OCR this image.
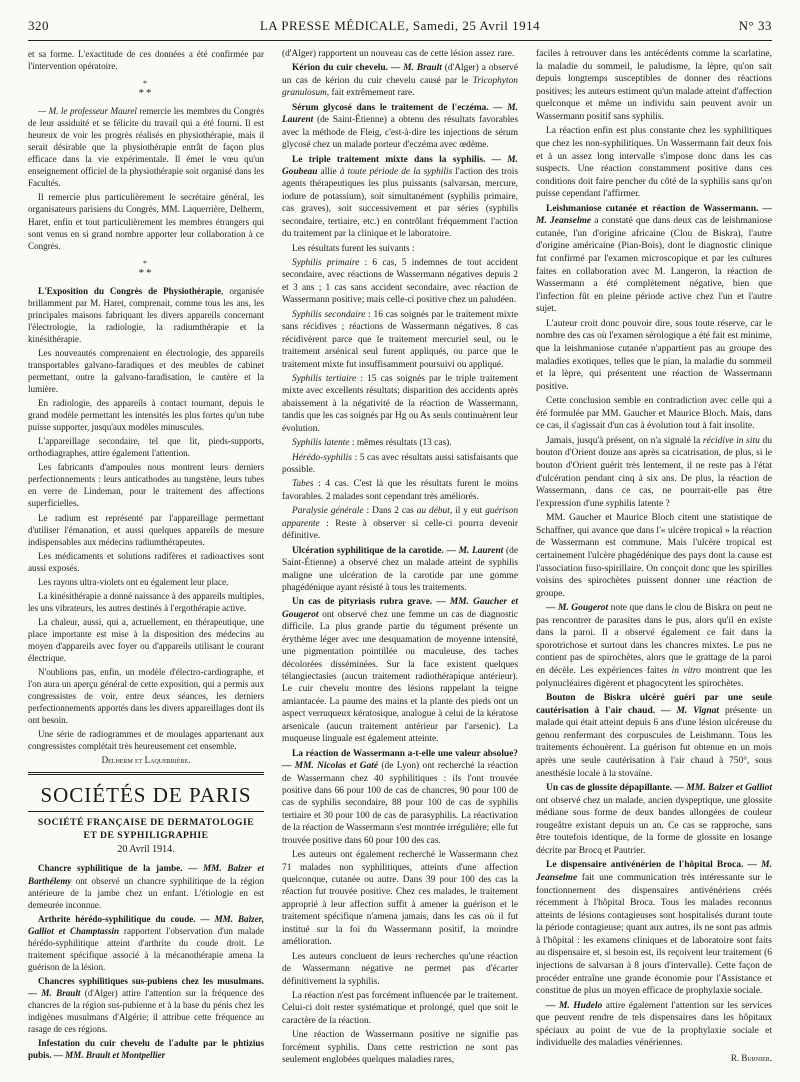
320	LA PRESSE MÉDICALE, Samedi, 25 Avril 1914	N° 33

et sa forme. L'exactitude de ces données a été confirmée par l'intervention opératoire.

*
**

— M. le professeur Maurel remercie les membres du Congrès de leur assiduité et se félicite du travail qui a été fourni. Il est heureux de voir les progrès réalisés en physiothérapie, mais il serait désirable que la physiothérapie entrât de façon plus efficace dans la vie expérimentale. Il émet le vœu qu'un enseignement officiel de la physiothérapie soit organisé dans les Facultés.

Il remercie plus particulièrement le secrétaire général, les organisateurs parisiens du Congrès, MM. Laquerrière, Delherm, Haret, enfin et tout particulièrement les membres étrangers qui sont venus en si grand nombre apporter leur collaboration à ce Congrès.

*
**

L'Exposition du Congrès de Physiothérapie, organisée brillamment par M. Haret, comprenait, comme tous les ans, les principales maisons fabriquant les divers appareils concernant l'électrologie, la radiologie, la radiumthérapie et la kinésithérapie.

Les nouveautés comprenaient en électrologie, des appareils transportables galvano-faradiques et des meubles de cabinet permettant, outre la galvano-faradisation, le cautère et la lumière.

En radiologie, des appareils à contact tournant, depuis le grand modèle permettant les intensités les plus fortes qu'un tube puisse supporter, jusqu'aux modèles minuscules.

L'appareillage secondaire, tel que lit, pieds-supports, orthodiagraphes, attire également l'attention.

Les fabricants d'ampoules nous montrent leurs derniers perfectionnements : leurs anticathodes au tungstène, leurs tubes en verre de Lindeman, pour le traitement des affections superficielles.

Le radium est représenté par l'appareillage permettant d'utiliser l'émanation, et aussi quelques appareils de mesure indispensables aux médecins radiumthérapeutes.

Les médicaments et solutions radifères et radioactives sont aussi exposés.

Les rayons ultra-violets ont eu également leur place.

La kinésithérapie a donné naissance à des appareils multiples, les uns vibrateurs, les autres destinés à l'ergothérapie active.

La chaleur, aussi, qui a, actuellement, en thérapeutique, une place importante est mise à la disposition des médecins au moyen d'appareils avec foyer ou d'appareils utilisant le courant électrique.

N'oublions pas, enfin, un modèle d'électro-cardiographe, et l'on aura un aperçu général de cette exposition, qui a permis aux congressistes de voir, entre deux séances, les derniers perfectionnements apportés dans les divers appareillages dont ils ont besoin.

Une série de radiogrammes et de moulages appartenant aux congressistes complétait très heureusement cet ensemble.

Delherm et Laquerrière.
SOCIÉTÉS DE PARIS
SOCIÉTÉ FRANÇAISE DE DERMATOLOGIE
ET DE SYPHILIGRAPHIE
20 Avril 1914.

Chancre syphilitique de la jambe. — MM. Balzer et Barthélemy ont observé un chancre syphilitique de la région antérieure de la jambe chez un enfant. L'étiologie en est demeurée inconnue.

Arthrite hérédo-syphilitique du coude. — MM. Balzer, Galliot et Champtassin rapportent l'observation d'un malade hérédo-syphilitique atteint d'arthrite du coude droit. Le traitement spécifique associé à la mécanothérapie amena la guérison de la lésion.

Chancres syphilitiques sus-pubiens chez les musulmans. — M. Brault (d'Alger) attire l'attention sur la fréquence des chancres de la région sus-pubienne et à la base du pénis chez les indigènes musulmans d'Algérie; il attribue cette fréquence au rasage de ces régions.

Infestation du cuir chevelu de l'adulte par le phtizius pubis. — MM. Brault et Montpellier

(d'Alger) rapportent un nouveau cas de cette lésion assez rare.

Kérion du cuir chevelu. — M. Brault (d'Alger) a observé un cas de kérion du cuir chevelu causé par le Tricophyton granulosum, fait extrêmement rare.

Sérum glycosé dans le traitement de l'eczéma. — M. Laurent (de Saint-Étienne) a obtenu des résultats favorables avec la méthode de Fleig, c'est-à-dire les injections de sérum glycosé chez un malade porteur d'eczéma avec œdème.

Le triple traitement mixte dans la syphilis. — M. Goubeau allie à toute période de la syphilis l'action des trois agents thérapeutiques les plus puissants (salvarsan, mercure, iodure de potassium), soit simultanément (syphilis primaire, cas graves), soit successivement et par séries (syphilis secondaire, tertiaire, etc.) en contrôlant fréquemment l'action du traitement par la clinique et le laboratoire.

Les résultats furent les suivants :

Syphilis primaire : 6 cas, 5 indemnes de tout accident secondaire, avec réactions de Wassermann négatives depuis 2 et 3 ans ; 1 cas sans accident secondaire, avec réaction de Wassermann positive; mais celle-ci positive chez un paludéen.

Syphilis secondaire : 16 cas soignés par le traitement mixte sans récidives ; réactions de Wassermann négatives. 8 cas récidivèrent parce que le traitement mercuriel seul, ou le traitement arsénical seul furent appliqués, ou parce que le traitement mixte fut insuffisamment poursuivi ou appliqué.

Syphilis tertiaire : 15 cas soignés par le triple traitement mixte avec excellents résultats; disparition des accidents après abaissement à la négativité de la réaction de Wassermann, tandis que les cas soignés par Hg ou As seuls continuèrent leur évolution.

Syphilis latente : mêmes résultats (13 cas).

Hérédo-syphilis : 5 cas avec résultats aussi satisfaisants que possible.

Tabes : 4 cas. C'est là que les résultats furent le moins favorables. 2 malades sont cependant très améliorés.

Paralysie générale : Dans 2 cas au début, il y eut guérison apparente : Reste à observer si celle-ci pourra devenir définitive.

Ulcération syphilitique de la carotide. — M. Laurent (de Saint-Étienne) a observé chez un malade atteint de syphilis maligne une ulcération de la carotide par une gomme phagédénique ayant résisté à tous les traitements.

Un cas de pityriasis rubra grave. — MM. Gaucher et Gougerot ont observé chez une femme un cas de diagnostic difficile. La plus grande partie du tégument présente un érythème léger avec une desquamation de moyenne intensité, une pigmentation pointillée ou maculeuse, des taches décolorées disséminées. Sur la face existent quelques télangiectasies (aucun traitement radiothérapique antérieur). Le cuir chevelu montre des lésions rappelant la teigne amiantacée. La paume des mains et la plante des pieds ont un aspect verruqueux kératosique, analogue à celui de la kératose arsenicale (aucun traitement antérieur par l'arsenic). La muqueuse linguale est également atteinte.

La réaction de Wassermann a-t-elle une valeur absolue? — MM. Nicolas et Gaté (de Lyon) ont recherché la réaction de Wassermann chez 40 syphilitiques : ils l'ont trouvée positive dans 66 pour 100 de cas de chancres, 90 pour 100 de cas de syphilis secondaire, 88 pour 100 de cas de syphilis tertiaire et 30 pour 100 de cas de parasyphilis. La réactivation de la réaction de Wassermann s'est montrée irrégulière; elle fut trouvée positive dans 60 pour 100 des cas.

Les auteurs ont également recherché le Wassermann chez 71 malades non syphilitiques, atteints d'une affection quelconque, cutanée ou autre. Dans 39 pour 100 des cas la réaction fut trouvée positive. Chez ces malades, le traitement approprié à leur affection suffit à amener la guérison et le traitement spécifique n'amena jamais, dans les cas où il fut institué sur la foi du Wassermann positif, la moindre amélioration.

Les auteurs concluent de leurs recherches qu'une réaction de Wassermann négative ne permet pas d'écarter définitivement la syphilis.

La réaction n'est pas forcément influencée par le traitement. Celui-ci doit rester systématique et prolongé, quel que soit le caractère de la réaction.

Une réaction de Wassermann positive ne signifie pas forcément syphilis. Dans cette restriction ne sont pas seulement englobées quelques maladies rares,

faciles à retrouver dans les antécédents comme la scarlatine, la maladie du sommeil, le paludisme, la lèpre, qu'on sait depuis longtemps susceptibles de donner des réactions positives; les auteurs estiment qu'un malade atteint d'affection quelconque et même un individu sain peuvent avoir un Wassermann positif sans syphilis.

La réaction enfin est plus constante chez les syphilitiques que chez les non-syphilitiques. Un Wassermann fait deux fois et à un assez long intervalle s'impose donc dans les cas suspects. Une réaction constamment positive dans ces conditions doit faire pencher du côté de la syphilis sans qu'on puisse cependant l'affirmer.

Leishmaniose cutanée et réaction de Wassermann. — M. Jeanselme a constaté que dans deux cas de leishmaniose cutanée, l'un d'origine africaine (Clou de Biskra), l'autre d'origine américaine (Pian-Bois), dont le diagnostic clinique fut confirmé par l'examen microscopique et par les cultures faites en collaboration avec M. Langeron, la réaction de Wassermann a été complètement négative, bien que l'infection fût en pleine période active chez l'un et l'autre sujet.

L'auteur croit donc pouvoir dire, sous toute réserve, car le nombre des cas où l'examen sérologique a été fait est minime, que la leishmaniose cutanée n'appartient pas au groupe des maladies exotiques, telles que le pian, la maladie du sommeil et la lèpre, qui présentent une réaction de Wassermann positive.

Cette conclusion semble en contradiction avec celle qui a été formulée par MM. Gaucher et Maurice Bloch. Mais, dans ce cas, il s'agissait d'un cas à évolution tout à fait insolite.

Jamais, jusqu'à présent, on n'a signalé la récidive in situ du bouton d'Orient douze ans après sa cicatrisation, de plus, si le bouton d'Orient guérit très lentement, il ne reste pas à l'état d'ulcération pendant cinq à six ans. De plus, la réaction de Wassermann, dans ce cas, ne pourrait-elle pas être l'expression d'une syphilis latente ?

MM. Gaucher et Maurice Bloch citent une statistique de Schaffner, qui avance que dans l'« ulcère tropical » la réaction de Wassermann est commune. Mais l'ulcère tropical est certainement l'ulcère phagédénique des pays dont la cause est l'association fuso-spirillaire. On conçoit donc que les spirilles voisins des spirochètes puissent donner une réaction de groupe.

— M. Gougerot note que dans le clou de Biskra on peut ne pas rencontrer de parasites dans le pus, alors qu'il en existe dans la paroi. Il a observé également ce fait dans la sporotrichose et surtout dans les chancres mixtes. Le pus ne contient pas de spirochètes, alors que le grattage de la paroi en décèle. Les expériences faites in vitro montrent que les polynucléaires digèrent et phagocytent les spirochètes.

Bouton de Biskra ulcéré guéri par une seule cautérisation à l'air chaud. — M. Vignat présente un malade qui était atteint depuis 6 ans d'une lésion ulcéreuse du genou renfermant des corpuscules de Leishmann. Tous les traitements échouèrent. La guérison fut obtenue en un mois après une seule cautérisation à l'air chaud à 750°, sous anesthésie locale à la stovaïne.

Un cas de glossite dépapillante. — MM. Balzer et Galliot ont observé chez un malade, ancien dyspeptique, une glossite médiane sous forme de deux bandes allongées de couleur rougeâtre existant depuis un an. Ce cas se rapproche, sans être toutefois identique, de la forme de glossite en losange décrite par Brocq et Pautrier.

Le dispensaire antivénérien de l'hôpital Broca. — M. Jeanselme fait une communication très intéressante sur le fonctionnement des dispensaires antivénériens créés récemment à l'hôpital Broca. Tous les malades reconnus atteints de lésions contagieuses sont hospitalisés durant toute la période contagieuse; quant aux autres, ils ne sont pas admis à l'hôpital : les examens cliniques et de laboratoire sont faits au dispensaire et, si besoin est, ils reçoivent leur traitement (6 injections de salvarsan à 8 jours d'intervalle). Cette façon de procéder entraîne une grande économie pour l'Assistance et constitue de plus un moyen efficace de prophylaxie sociale.

— M. Hudelo attire également l'attention sur les services que peuvent rendre de tels dispensaires dans les hôpitaux spéciaux au point de vue de la prophylaxie sociale et individuelle des maladies vénériennes.

R. Burnier.
